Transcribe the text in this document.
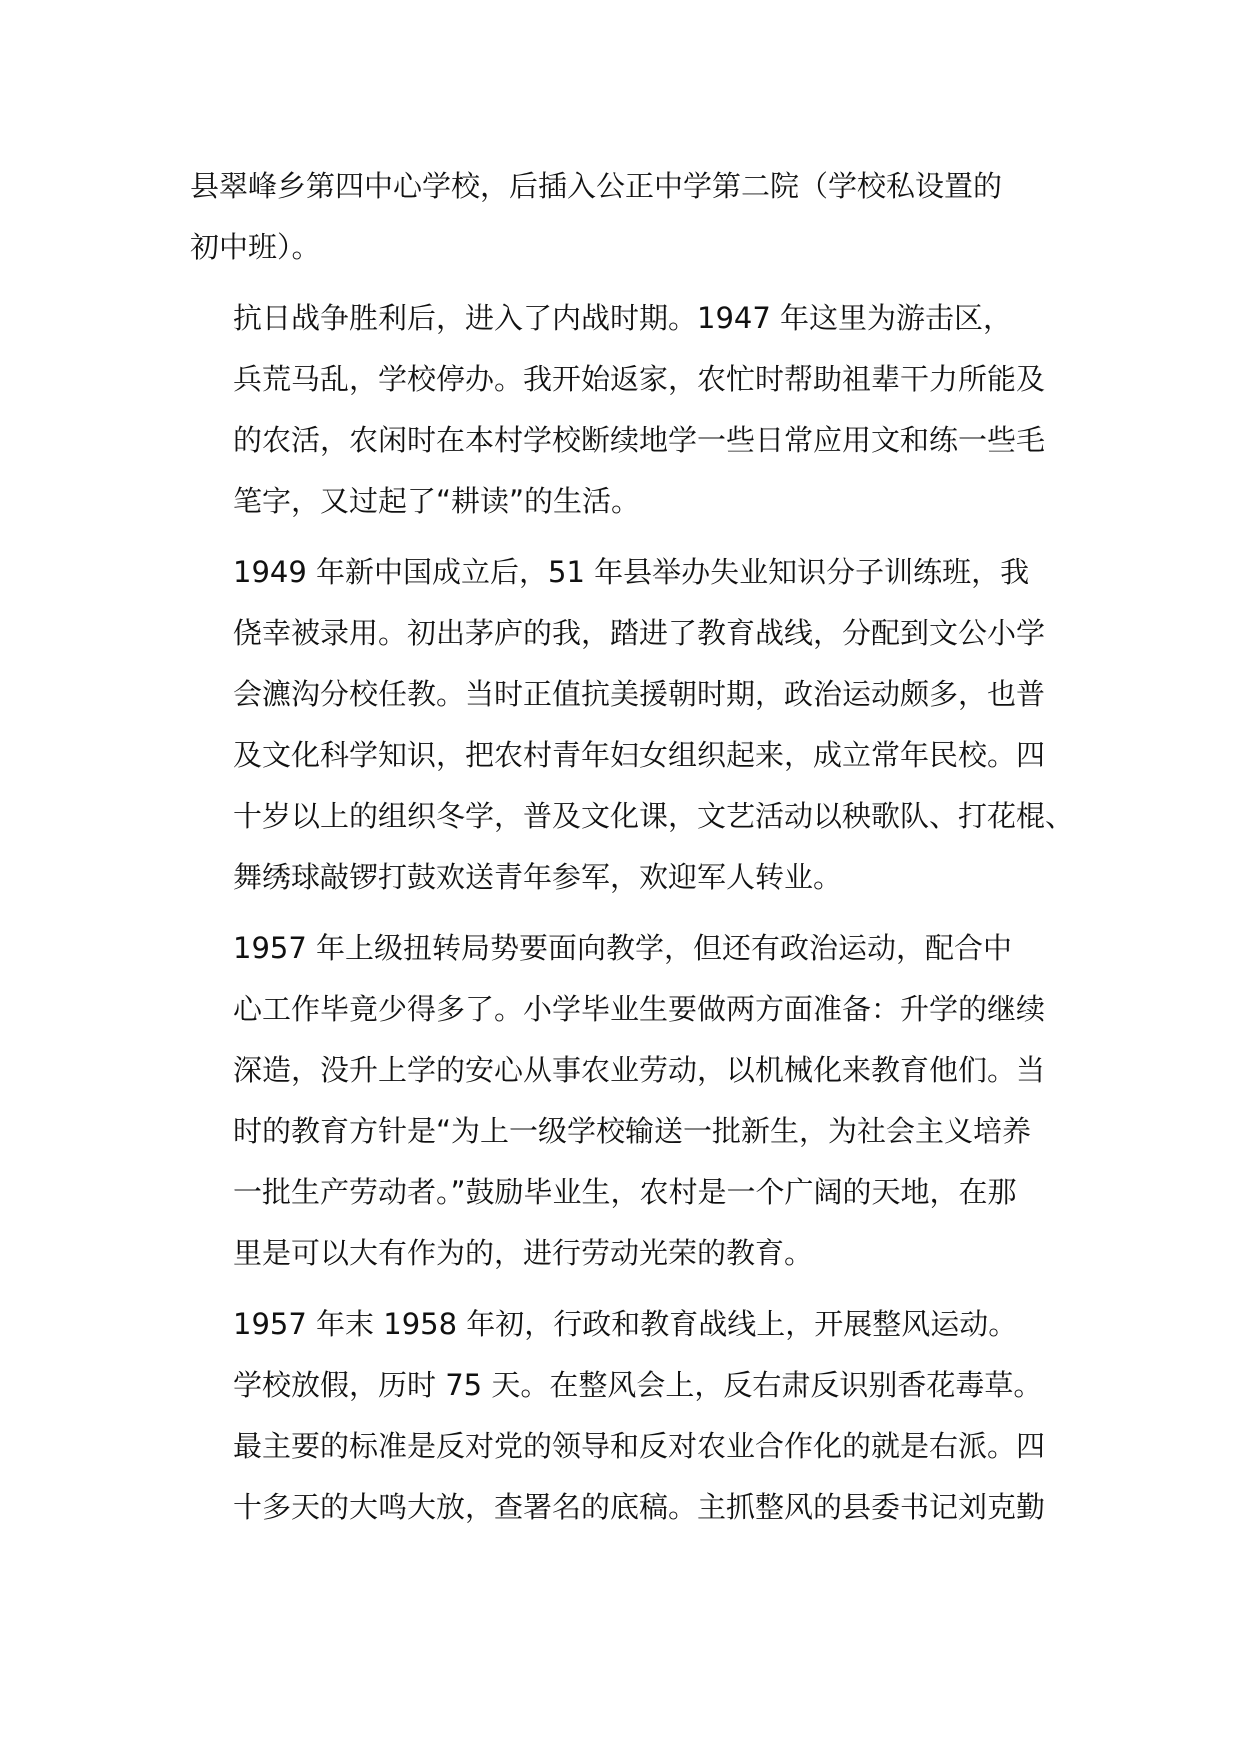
县翠峰乡第四中心学校，后插入公正中学第二院（学校私设置的
初中班）。

抗日战争胜利后，进入了内战时期。1947 年这里为游击区，
兵荒马乱，学校停办。我开始返家，农忙时帮助祖辈干力所能及
的农活，农闲时在本村学校断续地学一些日常应用文和练一些毛
笔字，又过起了“耕读”的生活。

1949 年新中国成立后，51 年县举办失业知识分子训练班，我
侥幸被录用。初出茅庐的我，踏进了教育战线，分配到文公小学
会瀌沟分校任教。当时正值抗美援朝时期，政治运动颇多，也普
及文化科学知识，把农村青年妇女组织起来，成立常年民校。四
十岁以上的组织冬学，普及文化课，文艺活动以秧歌队、打花棍、
舞绣球敲锣打鼓欢送青年参军，欢迎军人转业。

1957 年上级扭转局势要面向教学，但还有政治运动，配合中
心工作毕竟少得多了。小学毕业生要做两方面准备：升学的继续
深造，没升上学的安心从事农业劳动，以机械化来教育他们。当
时的教育方针是“为上一级学校输送一批新生，为社会主义培养
一批生产劳动者。”鼓励毕业生，农村是一个广阔的天地，在那
里是可以大有作为的，进行劳动光荣的教育。

1957 年末 1958 年初，行政和教育战线上，开展整风运动。
学校放假，历时 75 天。在整风会上，反右肃反识别香花毒草。
最主要的标准是反对党的领导和反对农业合作化的就是右派。四
十多天的大鸣大放，查署名的底稿。主抓整风的县委书记刘克勤
